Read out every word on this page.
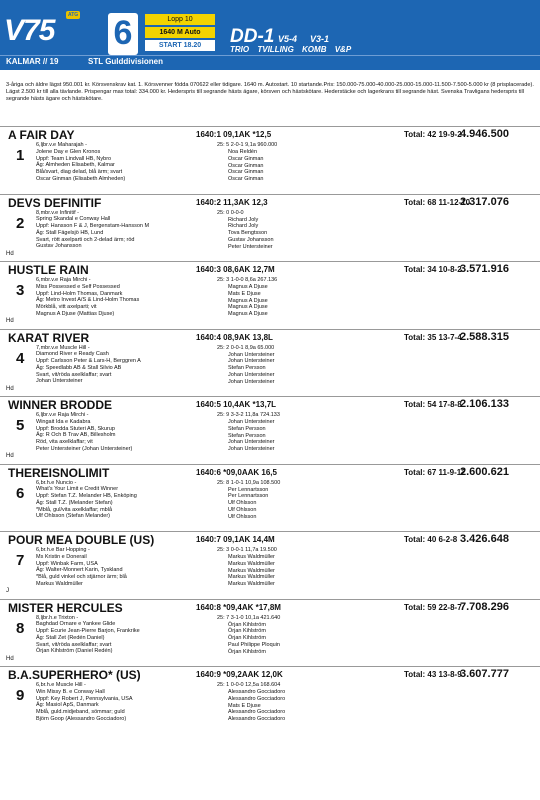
V75	ATG 6	Lopp 10
1640 M Auto
START 18.20	DD-1 V5-4 V3-1
TRIO TVILLING KOMB V&P
KALMAR // 19	STL Gulddivisionen
3-åriga och äldre lägst 950.001 kr. Körsvenskrav kat. 1. Körsvenner födda 070622 eller tidigare. 1640 m. Autostart. 10 startande.Pris: 150.000-75.000-40.000-25.000-15.000-11.500-7.500-5.000 kr (8 prisplacerade). Lägst 2.500 kr till alla tävlande. Prispengar max total: 334.000 kr. Hederspris till segrande hästs ägare, körsven och hästskötare. Hederstäcke och lagerkrans till segrande häst. Svenska Travligans hederspris till segrande hästs ägare och hästskötare.
A FAIR DAY	1640:1 09,1AK *12,5	Total: 42 19-9-2
4.946.500
1
6,ljbr.v.e Maharajah -
Jolene Day e Glen Kronos
Uppf: Team Lindvall HB, Nybro
Äg: Almheden Elisabeth, Kalmar
Blå/svart, diag delad, blå ärm; svart
Oscar Ginman (Elisabeth Almheden)
25: 5 2-0-1 9,1a 960.000
Noa Reldén
Oscar Ginman
Oscar Ginman
Oscar Ginman
Oscar Ginman
DEVS DEFINITIF	1640:2 11,3AK 12,3	Total: 68 11-12-10
2.317.076
2
8,mbr.v.e Infinitif -
Spring Skandal e Conway Hall
Uppf: Hansson F & J, Bergenstam-Hansson M
Äg: Stall Fägelsjö HB, Lund
Svart, rött axelparti och 2-delad ärm; röd
Gustav Johansson
25: 0 0-0-0
Richard Joly
Richard Joly
Tova Bengtsson
Gustav Johansson
Peter Untersteiner
Hd
HUSTLE RAIN	1640:3 08,6AK 12,7M	Total: 34 10-8-2
3.571.916
3
6,mbr.v.e Raja Mirchi -
Miss Possessed e Self Possessed
Uppf: Lind-Holm Thomas, Danmark
Äg: Metro Invest A/S & Lind-Holm Thomas
Mörkblå, vitt axelparti; vit
Magnus A Djuse (Mattias Djuse)
25: 3 1-0-0 8,6a 267.136
Magnus A Djuse
Mats E Djuse
Magnus A Djuse
Magnus A Djuse
Magnus A Djuse
Hd
KARAT RIVER	1640:4 08,9AK 13,8L	Total: 35 13-7-4
2.588.315
4
7,mbr.v.e Muscle Hill -
Diamond River e Ready Cash
Uppf: Carlsson Peter & Lars-H, Berggren A
Äg: Speedlabb AB & Stall Silvio AB
Svart, vit/röda axelklaffar; svart
Johan Untersteiner
25: 2 0-0-1 8,9a 65.000
Johan Untersteiner
Johan Untersteiner
Stefan Persson
Johan Untersteiner
Johan Untersteiner
Hd
WINNER BRODDE	1640:5 10,4AK *13,7L	Total: 54 17-8-8
2.106.133
5
6,ljbr.v.e Raja Mirchi -
Wingait Ida e Kadabra
Uppf: Brodda Stuteri AB, Skurup
Äg: R Och B Trav AB, Billesholm
Röd, vita axelklaffar; vit
Peter Untersteiner (Johan Untersteiner)
25: 9 3-3-2 11,8a 724.133
Johan Untersteiner
Stefan Persson
Stefan Persson
Johan Untersteiner
Johan Untersteiner
Hd
THEREISNOLIMIT	1640:6 *09,0AAK 16,5	Total: 67 11-9-12
2.600.621
6
6,br.h.e Nuncio -
What's Your Limit e Credit Winner
Uppf: Stefan T.Z. Melander HB, Enköping
Äg: Stall T.Z. (Melander Stefan)
*Mblå, gul/vita axelklaffar; mblå
Ulf Ohlsson (Stefan Melander)
25: 8 1-0-1 10,9a 108.500
Per Lennartsson
Per Lennartsson
Ulf Ohlsson
Ulf Ohlsson
Ulf Ohlsson
POUR MEA DOUBLE (US)	1640:7 09,1AK 14,4M	Total: 40 6-2-8 3.426.648
7
6,br.h.e Bar Hopping -
Ms Kristin e Donerail
Uppf: Winbak Farm, USA
Äg: Walter-Monnert Karin, Tyskland
*Blå, guld vinkel och stjärnor ärm; blå
Markus Waldmüller
25: 3 0-0-1 11,7a 19.500
Markus Waldmüller
Markus Waldmüller
Markus Waldmüller
Markus Waldmüller
Markus Waldmüller
J
MISTER HERCULES	1640:8 *09,4AK *17,8M	Total: 59 22-8-7
7.708.296
8
8,ljbr.h.e Trixton -
Baghdad Ornare e Yankee Glide
Uppf: Ecurie Jean-Pierre Barjon, Frankrike
Äg: Stall Zet (Redén Daniel)
Svart, vit/röda axelklaffar; svart
Örjan Kihlström (Daniel Redén)
25: 7 3-1-0 10,1a 421.640
Örjan Kihlström
Örjan Kihlström
Örjan Kihlström
Paul Philippe Ploquin
Örjan Kihlström
Hd
B.A.SUPERHERO* (US)	1640:9 *09,2AAK 12,0K	Total: 43 13-8-9
3.607.777
9
6,br.h.e Muscle Hill -
Win Missy B. e Conway Hall
Uppf: Key Robert J, Pennsylvania, USA
Äg: Masiol ApS, Danmark
Mblå, guld.midjeband, sömmar; guld
Björn Goop (Alessandro Gocciadoro)
25: 1 0-0-0 12,5a 168.604
Alessandro Gocciadoro
Alessandro Gocciadoro
Mats E Djuse
Alessandro Gocciadoro
Alessandro Gocciadoro
